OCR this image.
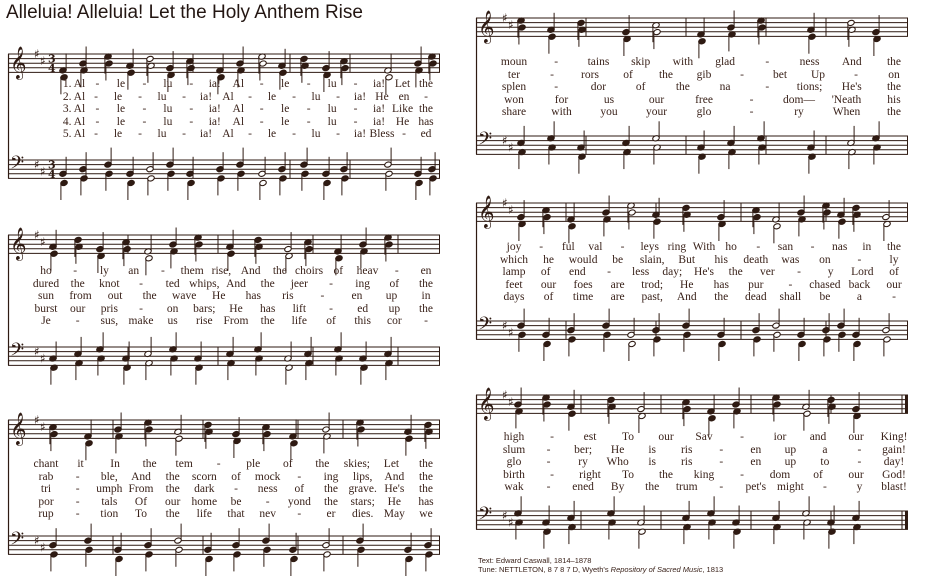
Alleluia! Alleluia! Let the Holy Anthem Rise
𝄞
𝄢
♯ ♯
♯ ♯
3
4
3
4
1. Al - le - lu - ia! Al - le - lu - ia! Let the
2. Al - le - lu - ia! Al - le - lu - ia! He en -
3. Al - le - lu - ia! Al - le - lu - ia! Like the
4. Al - le - lu - ia! Al - le - lu - ia! He has
5. Al - le - lu - ia! Al - le - lu - ia! Bless - ed
𝄞
𝄢
♯ ♯
♯ ♯
ho - ly an - them rise, And the choirs of heav - en
dured the knot - ted whips, And the jeer - ing of the
sun from out the wave He has ris - en up in
burst our pris - on bars; He has lift - ed up the
Je - sus, make us rise From the life of this cor -
𝄞
𝄢
♯ ♯
♯ ♯
chant it In the tem - ple of the skies; Let the
rab - ble, And the scorn of mock - ing lips, And the
tri - umph From the dark - ness of the grave. He's the
por - tals Of our home be - yond the stars; He has
rup - tion To the life that nev - er dies. May we
𝄞
𝄢
♯ ♯
♯ ♯
moun -	tains skip with glad	-	ness And the
ter	- rors of the gib -	bet Up	-	on
splen -	dor	of	the	na	- tions; He's the
won	for	us	our	free	-	dom— 'Neath his
share with you your	glo	-	ry	When the
𝄞
𝄢
♯ ♯
♯ ♯
joy - ful val - leys ring With ho - san - nas in the
which he would be slain, But his death was on - ly
lamp of end - less day; He's the ver - y Lord of
feet our foes are trod; He has pur - chased back our
days of time are past, And the dead shall be a	-
𝄞
𝄢
♯ ♯
♯ ♯
high -	est To our Sav -	ior and our King!
slum - ber; He is ris - en up a	- gain!
glo - ry Who is ris - en up to - day!
birth - right To the king - dom of our God!
wak - ened By the trum - pet's might -	y blast!
Text: Edward Caswall, 1814–1878
Tune: NETTLETON, 8 7 8 7 D, Wyeth's Repository of Sacred Music, 1813
